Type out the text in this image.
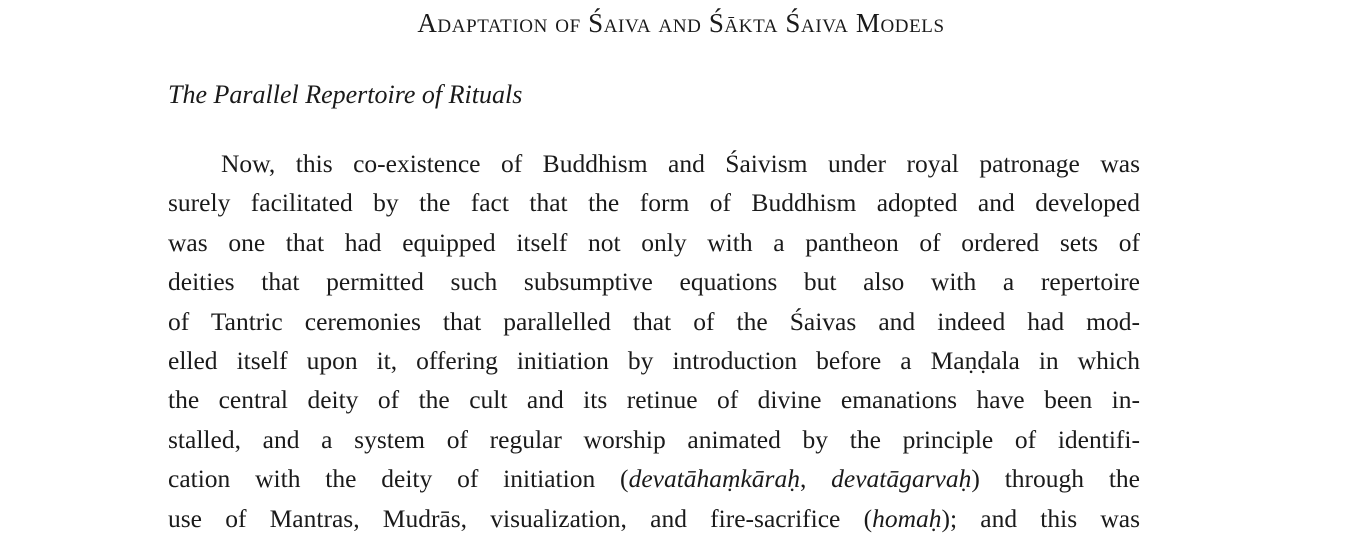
Adaptation of Śaiva and Śākta Śaiva Models
The Parallel Repertoire of Rituals
Now, this co-existence of Buddhism and Śaivism under royal patronage was
surely facilitated by the fact that the form of Buddhism adopted and developed
was one that had equipped itself not only with a pantheon of ordered sets of
deities that permitted such subsumptive equations but also with a repertoire
of Tantric ceremonies that parallelled that of the Śaivas and indeed had mod-
elled itself upon it, offering initiation by introduction before a Maṇḍala in which
the central deity of the cult and its retinue of divine emanations have been in-
stalled, and a system of regular worship animated by the principle of identifi-
cation with the deity of initiation (devatāhaṃkāraḥ, devatāgarvaḥ) through the
use of Mantras, Mudrās, visualization, and fire-sacrifice (homaḥ); and this was
